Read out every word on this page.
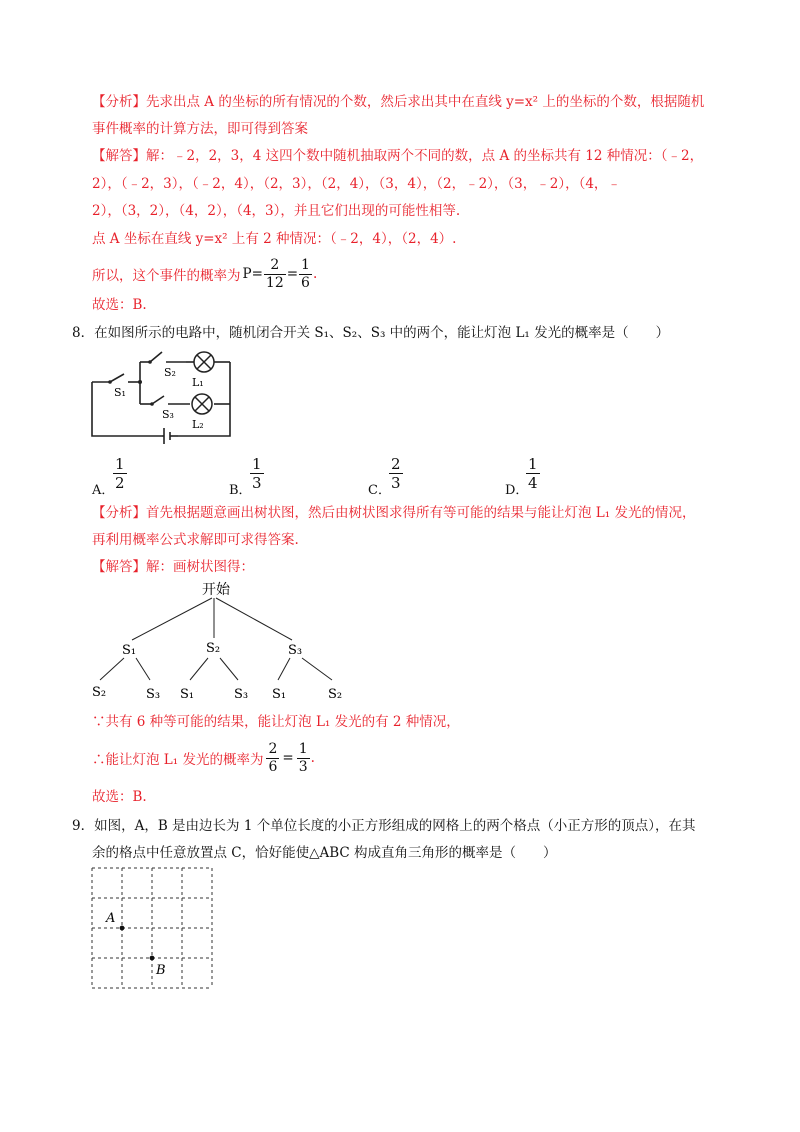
【分析】先求出点 A 的坐标的所有情况的个数，然后求出其中在直线 y=x² 上的坐标的个数，根据随机
事件概率的计算方法，即可得到答案
【解答】解：﹣2，2，3，4 这四个数中随机抽取两个不同的数，点 A 的坐标共有 12 种情况：（﹣2，
2），（﹣2，3），（﹣2，4），（2，3），（2，4），（3，4），（2，﹣2），（3，﹣2），（4，﹣
2），（3，2），（4，2），（4，3），并且它们出现的可能性相等.
点 A 坐标在直线 y=x² 上有 2 种情况：（﹣2，4），（2，4）.
所以，这个事件的概率为 $P= \frac{2}{12} = \frac{1}{6}$ .
故选：B.
8．在如图所示的电路中，随机闭合开关 S₁、S₂、S₃ 中的两个，能让灯泡 L₁ 发光的概率是（　　）
S₁
S₂
S₃
L₁
L₂
$\frac{1}{2}$
A．	$\frac{1}{3}$
B．	$\frac{2}{3}$
C．	$\frac{1}{4}$
D．
【分析】首先根据题意画出树状图，然后由树状图求得所有等可能的结果与能让灯泡 L₁ 发光的情况，
再利用概率公式求解即可求得答案.
【解答】解：画树状图得：
开始
S₁	S₂	S₃
S₂	S₃ S₁	S₃ S₁	S₂
∵共有 6 种等可能的结果，能让灯泡 L₁ 发光的有 2 种情况，
∴能让灯泡 L₁ 发光的概率为 $\frac{2}{6} = \frac{1}{3}$ .
故选：B.
9．如图，A，B 是由边长为 1 个单位长度的小正方形组成的网格上的两个格点（小正方形的顶点），在其
余的格点中任意放置点 C，恰好能使△ABC 构成直角三角形的概率是（　　）
A
B
